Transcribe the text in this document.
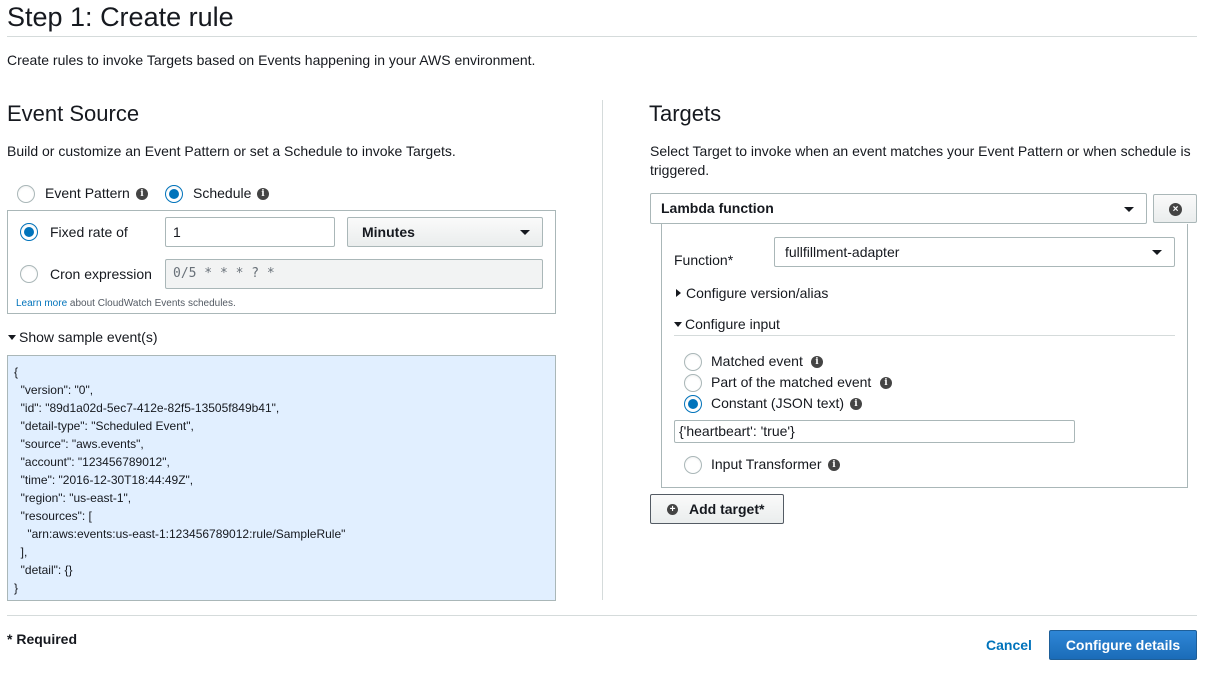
Step 1: Create rule
Create rules to invoke Targets based on Events happening in your AWS environment.
Event Source
Build or customize an Event Pattern or set a Schedule to invoke Targets.
Event Pattern	i	Schedule	i
Fixed rate of	1	Minutes
Cron expression	0/5 * * * ? *
Learn more about CloudWatch Events schedules.
Show sample event(s)
{
"version": "0",
"id": "89d1a02d-5ec7-412e-82f5-13505f849b41",
"detail-type": "Scheduled Event",
"source": "aws.events",
"account": "123456789012",
"time": "2016-12-30T18:44:49Z",
"region": "us-east-1",
"resources": [
"arn:aws:events:us-east-1:123456789012:rule/SampleRule"
],
"detail": {}
}
Targets
Select Target to invoke when an event matches your Event Pattern or when schedule is triggered.
Lambda function	×
Function*	fullfillment-adapter
Configure version/alias
Configure input
Matched event	i
Part of the matched event	i
Constant (JSON text)	i
{'heartbeart': 'true'}
Input Transformer	i
+ Add target*
* Required	Cancel	Configure details
